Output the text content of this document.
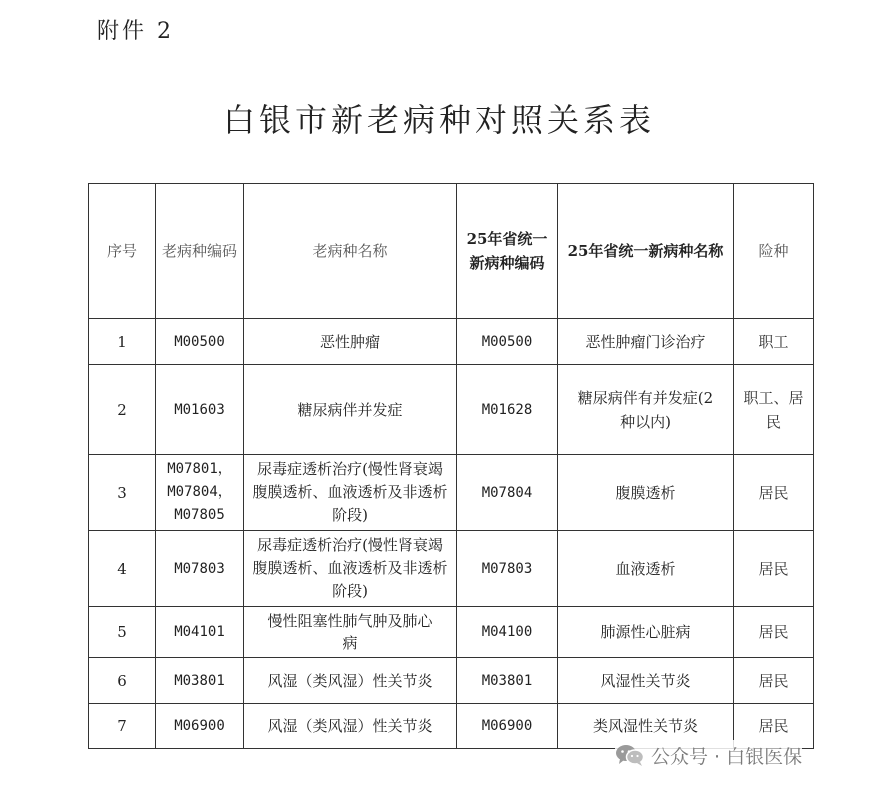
附件 2
白银市新老病种对照关系表
序号	老病种编码	老病种名称	25年省统一新病种编码	25年省统一新病种名称	险种
1	M00500	恶性肿瘤	M00500	恶性肿瘤门诊治疗	职工
2	M01603	糖尿病伴并发症	M01628	糖尿病伴有并发症(2种以内)	职工、居民
3	M07801，M07804，M07805	尿毒症透析治疗(慢性肾衰竭腹膜透析、血液透析及非透析阶段)	M07804	腹膜透析	居民
4	M07803	尿毒症透析治疗(慢性肾衰竭腹膜透析、血液透析及非透析阶段)	M07803	血液透析	居民
5	M04101	慢性阻塞性肺气肿及肺心病	M04100	肺源性心脏病	居民
6	M03801	风湿（类风湿）性关节炎	M03801	风湿性关节炎	居民
7	M06900	风湿（类风湿）性关节炎	M06900	类风湿性关节炎	居民
公众号 · 白银医保
